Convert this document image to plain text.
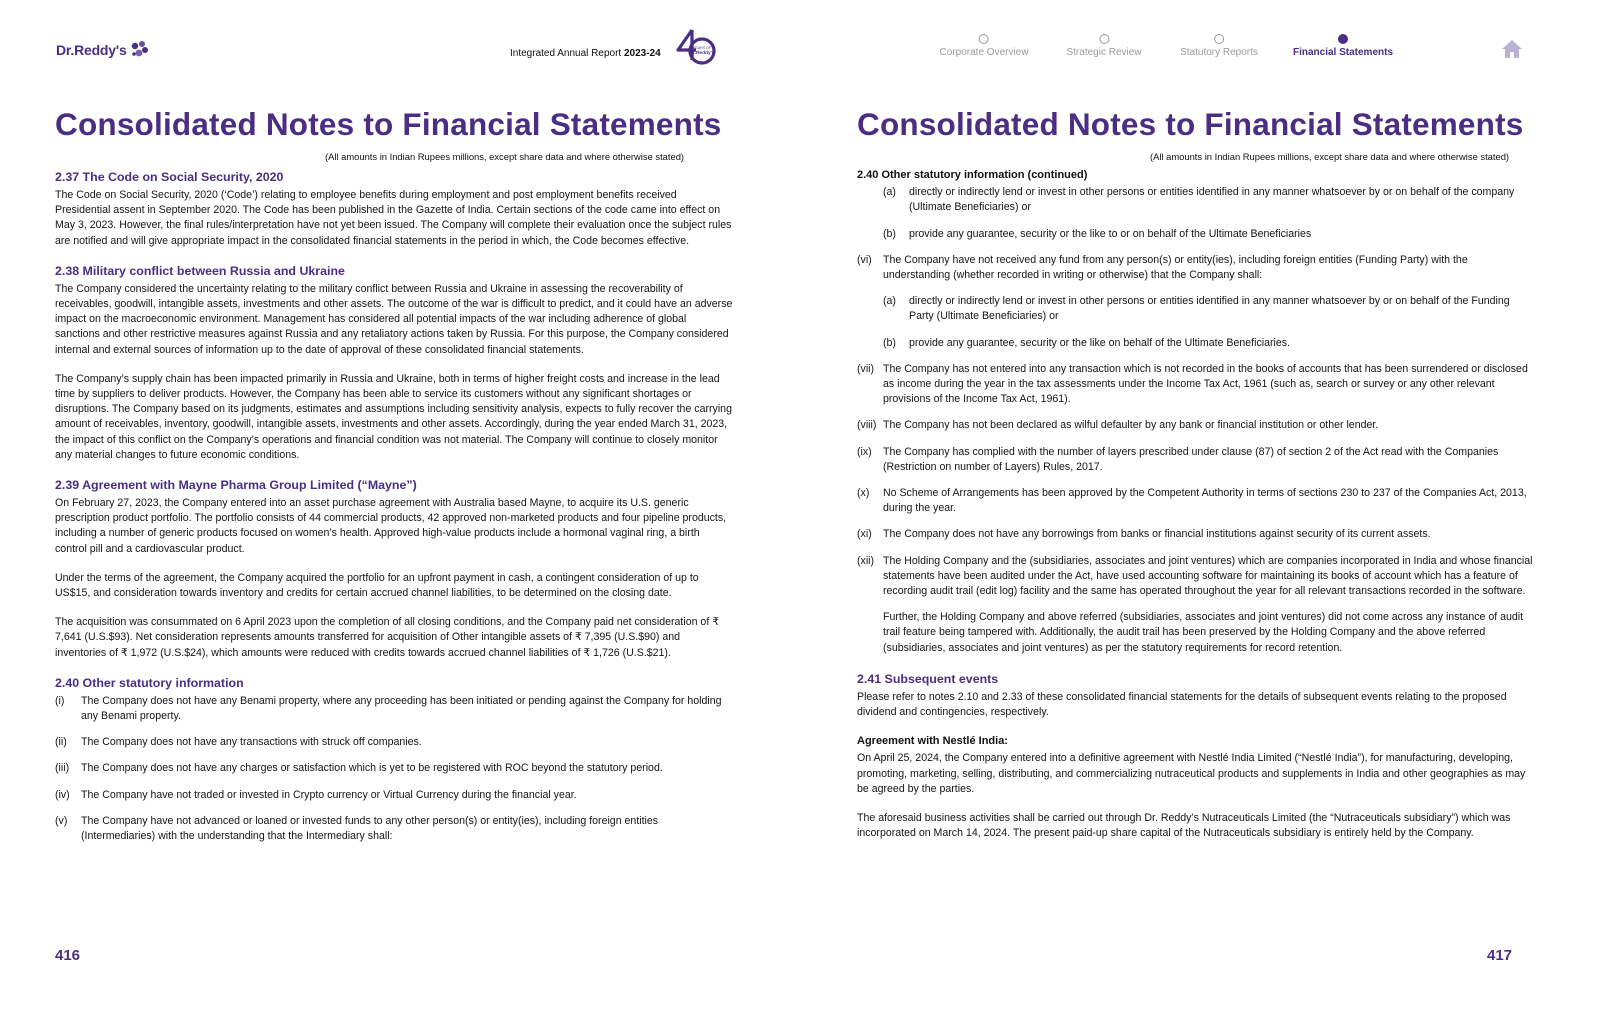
Dr.Reddy's	Integrated Annual Report 2023-24	YEARS OF
Dr.Reddy's
Consolidated Notes to Financial Statements
(All amounts in Indian Rupees millions, except share data and where otherwise stated)
2.37 The Code on Social Security, 2020
The Code on Social Security, 2020 (‘Code’) relating to employee benefits during employment and post employment benefits received Presidential assent in September 2020. The Code has been published in the Gazette of India. Certain sections of the code came into effect on May 3, 2023. However, the final rules/interpretation have not yet been issued. The Company will complete their evaluation once the subject rules are notified and will give appropriate impact in the consolidated financial statements in the period in which, the Code becomes effective.
2.38 Military conflict between Russia and Ukraine
The Company considered the uncertainty relating to the military conflict between Russia and Ukraine in assessing the recoverability of receivables, goodwill, intangible assets, investments and other assets. The outcome of the war is difficult to predict, and it could have an adverse impact on the macroeconomic environment. Management has considered all potential impacts of the war including adherence of global sanctions and other restrictive measures against Russia and any retaliatory actions taken by Russia. For this purpose, the Company considered internal and external sources of information up to the date of approval of these consolidated financial statements.
The Company’s supply chain has been impacted primarily in Russia and Ukraine, both in terms of higher freight costs and increase in the lead time by suppliers to deliver products. However, the Company has been able to service its customers without any significant shortages or disruptions. The Company based on its judgments, estimates and assumptions including sensitivity analysis, expects to fully recover the carrying amount of receivables, inventory, goodwill, intangible assets, investments and other assets. Accordingly, during the year ended March 31, 2023, the impact of this conflict on the Company’s operations and financial condition was not material. The Company will continue to closely monitor any material changes to future economic conditions.
2.39 Agreement with Mayne Pharma Group Limited (“Mayne”)
On February 27, 2023, the Company entered into an asset purchase agreement with Australia based Mayne, to acquire its U.S. generic prescription product portfolio. The portfolio consists of 44 commercial products, 42 approved non-marketed products and four pipeline products, including a number of generic products focused on women’s health. Approved high-value products include a hormonal vaginal ring, a birth control pill and a cardiovascular product.
Under the terms of the agreement, the Company acquired the portfolio for an upfront payment in cash, a contingent consideration of up to US$15, and consideration towards inventory and credits for certain accrued channel liabilities, to be determined on the closing date.
The acquisition was consummated on 6 April 2023 upon the completion of all closing conditions, and the Company paid net consideration of ₹ 7,641 (U.S.$93). Net consideration represents amounts transferred for acquisition of Other intangible assets of ₹ 7,395 (U.S.$90) and inventories of ₹ 1,972 (U.S.$24), which amounts were reduced with credits towards accrued channel liabilities of ₹ 1,726 (U.S.$21).
2.40 Other statutory information
(i)	The Company does not have any Benami property, where any proceeding has been initiated or pending against the Company for holding any Benami property.
(ii)	The Company does not have any transactions with struck off companies.
(iii)	The Company does not have any charges or satisfaction which is yet to be registered with ROC beyond the statutory period.
(iv)	The Company have not traded or invested in Crypto currency or Virtual Currency during the financial year.
(v)	The Company have not advanced or loaned or invested funds to any other person(s) or entity(ies), including foreign entities (Intermediaries) with the understanding that the Intermediary shall:
416
Corporate Overview	Strategic Review	Statutory Reports	Financial Statements
Consolidated Notes to Financial Statements
(All amounts in Indian Rupees millions, except share data and where otherwise stated)
2.40 Other statutory information (continued)
(a)	directly or indirectly lend or invest in other persons or entities identified in any manner whatsoever by or on behalf of the company (Ultimate Beneficiaries) or
(b)	provide any guarantee, security or the like to or on behalf of the Ultimate Beneficiaries
(vi)	The Company have not received any fund from any person(s) or entity(ies), including foreign entities (Funding Party) with the understanding (whether recorded in writing or otherwise) that the Company shall:
(a)	directly or indirectly lend or invest in other persons or entities identified in any manner whatsoever by or on behalf of the Funding Party (Ultimate Beneficiaries) or
(b)	provide any guarantee, security or the like on behalf of the Ultimate Beneficiaries.
(vii) The Company has not entered into any transaction which is not recorded in the books of accounts that has been surrendered or disclosed as income during the year in the tax assessments under the Income Tax Act, 1961 (such as, search or survey or any other relevant provisions of the Income Tax Act, 1961).
(viii) The Company has not been declared as wilful defaulter by any bank or financial institution or other lender.
(ix)	The Company has complied with the number of layers prescribed under clause (87) of section 2 of the Act read with the Companies (Restriction on number of Layers) Rules, 2017.
(x)	No Scheme of Arrangements has been approved by the Competent Authority in terms of sections 230 to 237 of the Companies Act, 2013, during the year.
(xi)	The Company does not have any borrowings from banks or financial institutions against security of its current assets.
(xii) The Holding Company and the (subsidiaries, associates and joint ventures) which are companies incorporated in India and whose financial statements have been audited under the Act, have used accounting software for maintaining its books of account which has a feature of recording audit trail (edit log) facility and the same has operated throughout the year for all relevant transactions recorded in the software.
Further, the Holding Company and above referred (subsidiaries, associates and joint ventures) did not come across any instance of audit trail feature being tampered with. Additionally, the audit trail has been preserved by the Holding Company and the above referred (subsidiaries, associates and joint ventures) as per the statutory requirements for record retention.
2.41 Subsequent events
Please refer to notes 2.10 and 2.33 of these consolidated financial statements for the details of subsequent events relating to the proposed dividend and contingencies, respectively.
Agreement with Nestlé India:
On April 25, 2024, the Company entered into a definitive agreement with Nestlé India Limited (“Nestlé India”), for manufacturing, developing, promoting, marketing, selling, distributing, and commercializing nutraceutical products and supplements in India and other geographies as may be agreed by the parties.
The aforesaid business activities shall be carried out through Dr. Reddy’s Nutraceuticals Limited (the “Nutraceuticals subsidiary”) which was incorporated on March 14, 2024. The present paid-up share capital of the Nutraceuticals subsidiary is entirely held by the Company.
417
